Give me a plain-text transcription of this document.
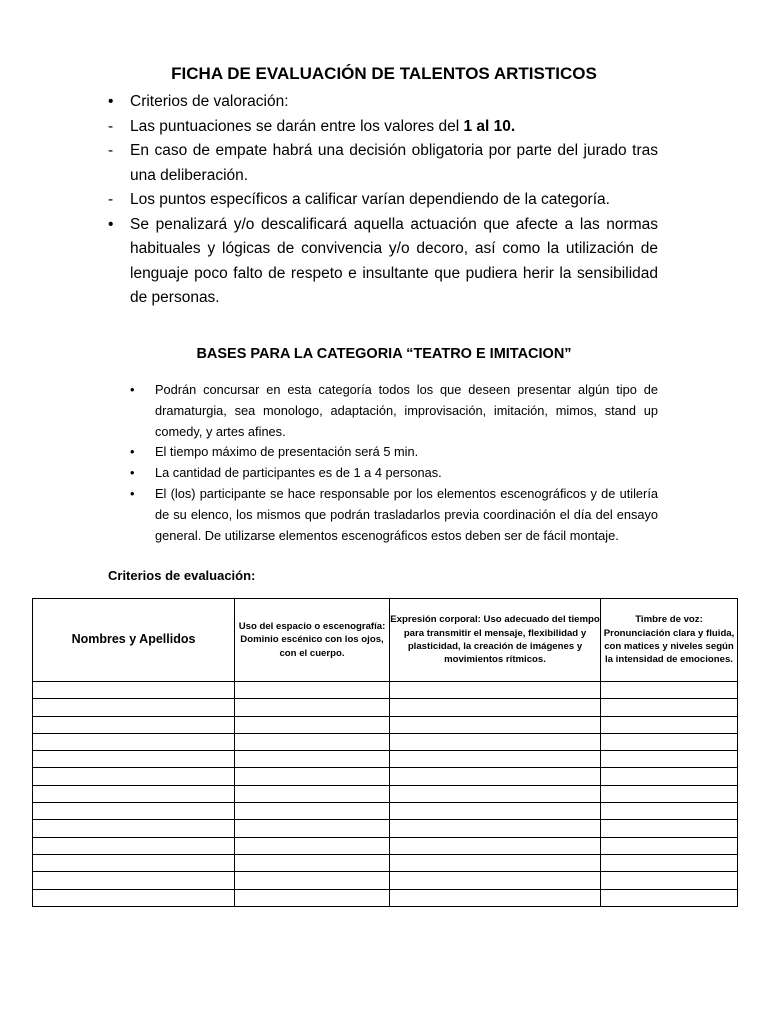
FICHA DE EVALUACIÓN DE TALENTOS ARTISTICOS
•	Criterios de valoración:
-	Las puntuaciones se darán entre los valores del 1 al 10.
-	En caso de empate habrá una decisión obligatoria por parte del jurado tras una deliberación.
-	Los puntos específicos a calificar varían dependiendo de la categoría.
•	Se penalizará y/o descalificará aquella actuación que afecte a las normas habituales y lógicas de convivencia y/o decoro, así como la utilización de lenguaje poco falto de respeto e insultante que pudiera herir la sensibilidad de personas.
BASES PARA LA CATEGORIA “TEATRO E IMITACION”
•	Podrán concursar en esta categoría todos los que deseen presentar algún tipo de dramaturgia, sea monologo, adaptación, improvisación, imitación, mimos, stand up comedy, y artes afines.
•	El tiempo máximo de presentación será 5 min.
•	La cantidad de participantes es de 1 a 4 personas.
•	El (los) participante se hace responsable por los elementos escenográficos y de utilería de su elenco, los mismos que podrán trasladarlos previa coordinación el día del ensayo general. De utilizarse elementos escenográficos estos deben ser de fácil montaje.
Criterios de evaluación:
Nombres y Apellidos	Uso del espacio o escenografía: Dominio escénico con los ojos, con el cuerpo.	Expresión corporal: Uso adecuado del tiempo para transmitir el mensaje, flexibilidad y plasticidad, la creación de imágenes y movimientos rítmicos.	Timbre de voz: Pronunciación clara y fluida, con matices y niveles según la intensidad de emociones.
